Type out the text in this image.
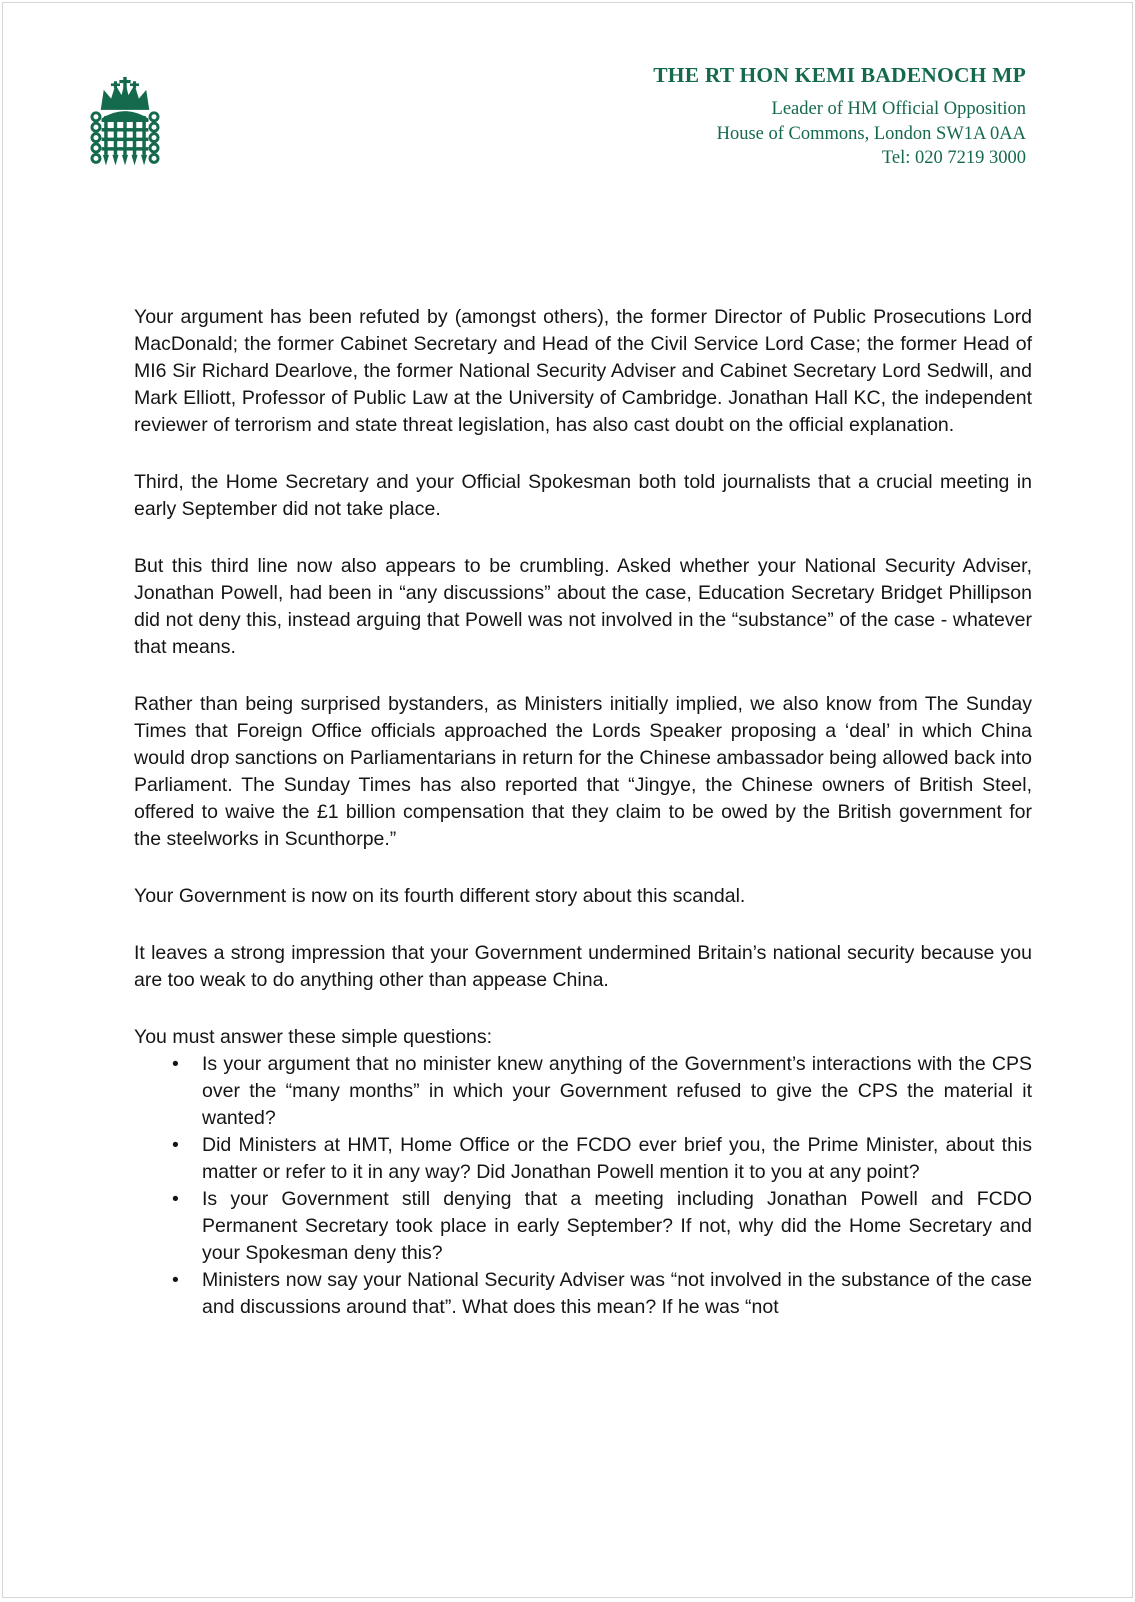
THE RT HON KEMI BADENOCH MP
Leader of HM Official Opposition
House of Commons, London SW1A 0AA
Tel: 020 7219 3000

Your argument has been refuted by (amongst others), the former Director of Public Prosecutions Lord MacDonald; the former Cabinet Secretary and Head of the Civil Service Lord Case; the former Head of MI6 Sir Richard Dearlove, the former National Security Adviser and Cabinet Secretary Lord Sedwill, and Mark Elliott, Professor of Public Law at the University of Cambridge. Jonathan Hall KC, the independent reviewer of terrorism and state threat legislation, has also cast doubt on the official explanation.

Third, the Home Secretary and your Official Spokesman both told journalists that a crucial meeting in early September did not take place.

But this third line now also appears to be crumbling. Asked whether your National Security Adviser, Jonathan Powell, had been in “any discussions” about the case, Education Secretary Bridget Phillipson did not deny this, instead arguing that Powell was not involved in the “substance” of the case - whatever that means.

Rather than being surprised bystanders, as Ministers initially implied, we also know from The Sunday Times that Foreign Office officials approached the Lords Speaker proposing a ‘deal’ in which China would drop sanctions on Parliamentarians in return for the Chinese ambassador being allowed back into Parliament. The Sunday Times has also reported that “Jingye, the Chinese owners of British Steel, offered to waive the £1 billion compensation that they claim to be owed by the British government for the steelworks in Scunthorpe.”

Your Government is now on its fourth different story about this scandal.

It leaves a strong impression that your Government undermined Britain’s national security because you are too weak to do anything other than appease China.

You must answer these simple questions:

• Is your argument that no minister knew anything of the Government’s interactions with the CPS over the “many months” in which your Government refused to give the CPS the material it wanted?
• Did Ministers at HMT, Home Office or the FCDO ever brief you, the Prime Minister, about this matter or refer to it in any way? Did Jonathan Powell mention it to you at any point?
• Is your Government still denying that a meeting including Jonathan Powell and FCDO Permanent Secretary took place in early September? If not, why did the Home Secretary and your Spokesman deny this?
• Ministers now say your National Security Adviser was “not involved in the substance of the case and discussions around that”. What does this mean? If he was “not
